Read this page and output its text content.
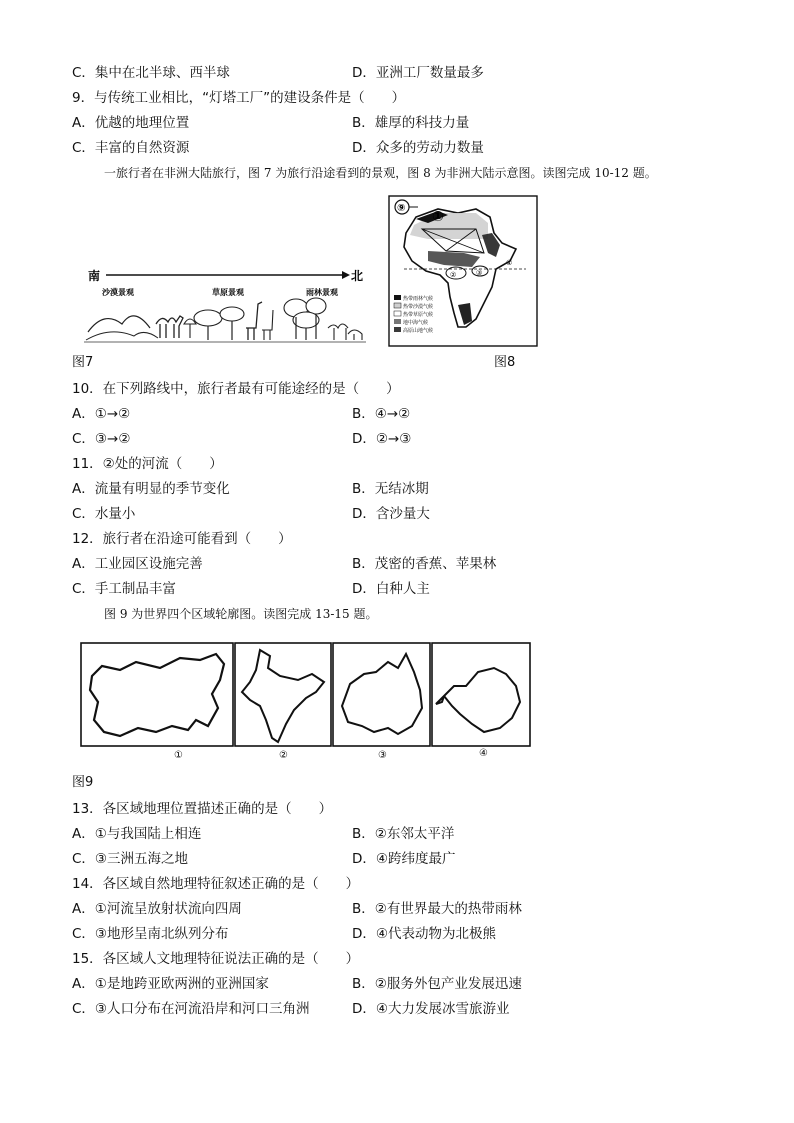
C．集中在北半球、西半球	D．亚洲工厂数量最多
9．与传统工业相比，“灯塔工厂”的建设条件是（　　）
A．优越的地理位置	B．雄厚的科技力量
C．丰富的自然资源	D．众多的劳动力数量
一旅行者在非洲大陆旅行，图 7 为旅行沿途看到的景观，图 8 为非洲大陆示意图。读图完成 10-12 题。
南	北
沙漠景观	草原景观	雨林景观
图7
⑨
①
②	③
④
热带雨林气候
热带沙漠气候
热带草原气候
地中海气候
高原山地气候
图8
10．在下列路线中，旅行者最有可能途经的是（　　）
A．①→②	B．④→②
C．③→②	D．②→③
11．②处的河流（　　）
A．流量有明显的季节变化	B．无结冰期
C．水量小	D．含沙量大
12．旅行者在沿途可能看到（　　）
A．工业园区设施完善	B．茂密的香蕉、苹果林
C．手工制品丰富	D．白种人主
图 9 为世界四个区域轮廓图。读图完成 13-15 题。
①	②	③	④
图9
13．各区域地理位置描述正确的是（　　）
A．①与我国陆上相连	B．②东邻太平洋
C．③三洲五海之地	D．④跨纬度最广
14．各区域自然地理特征叙述正确的是（　　）
A．①河流呈放射状流向四周	B．②有世界最大的热带雨林
C．③地形呈南北纵列分布	D．④代表动物为北极熊
15．各区域人文地理特征说法正确的是（　　）
A．①是地跨亚欧两洲的亚洲国家	B．②服务外包产业发展迅速
C．③人口分布在河流沿岸和河口三角洲	D．④大力发展冰雪旅游业
